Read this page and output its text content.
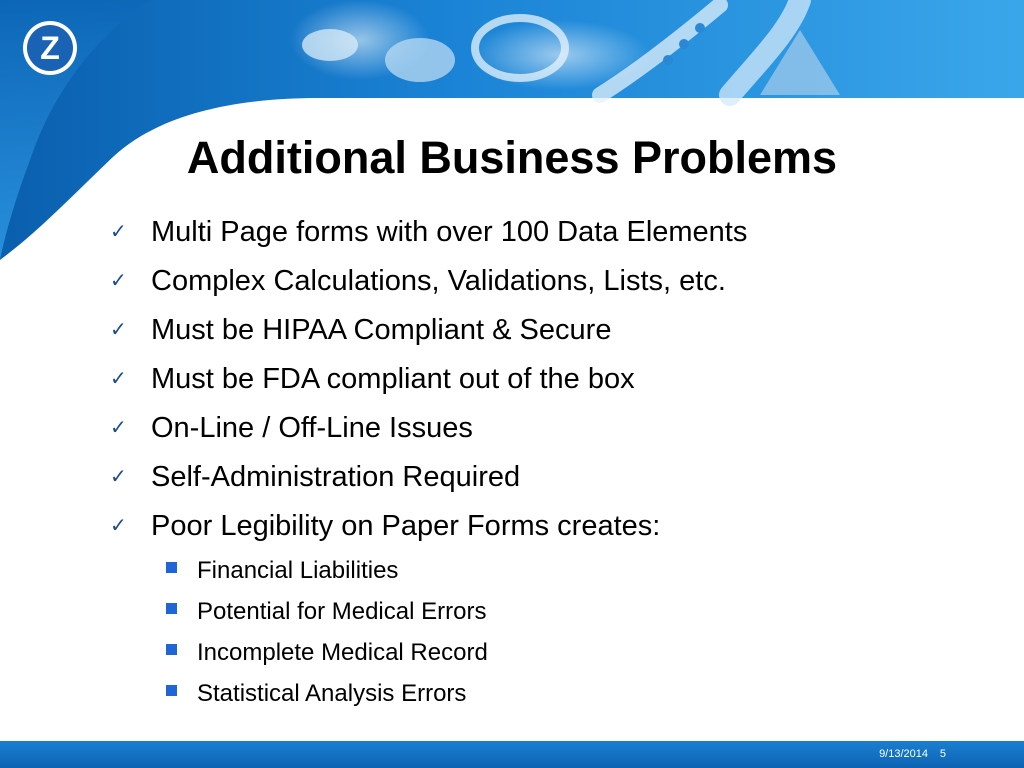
Z
Additional Business Problems
✓ Multi Page forms with over 100 Data Elements
✓ Complex Calculations, Validations, Lists, etc.
✓ Must be HIPAA Compliant & Secure
✓ Must be FDA compliant out of the box
✓ On-Line / Off-Line Issues
✓ Self-Administration Required
✓ Poor Legibility on Paper Forms creates:
Financial Liabilities
Potential for Medical Errors
Incomplete Medical Record
Statistical Analysis Errors
9/13/2014 5
